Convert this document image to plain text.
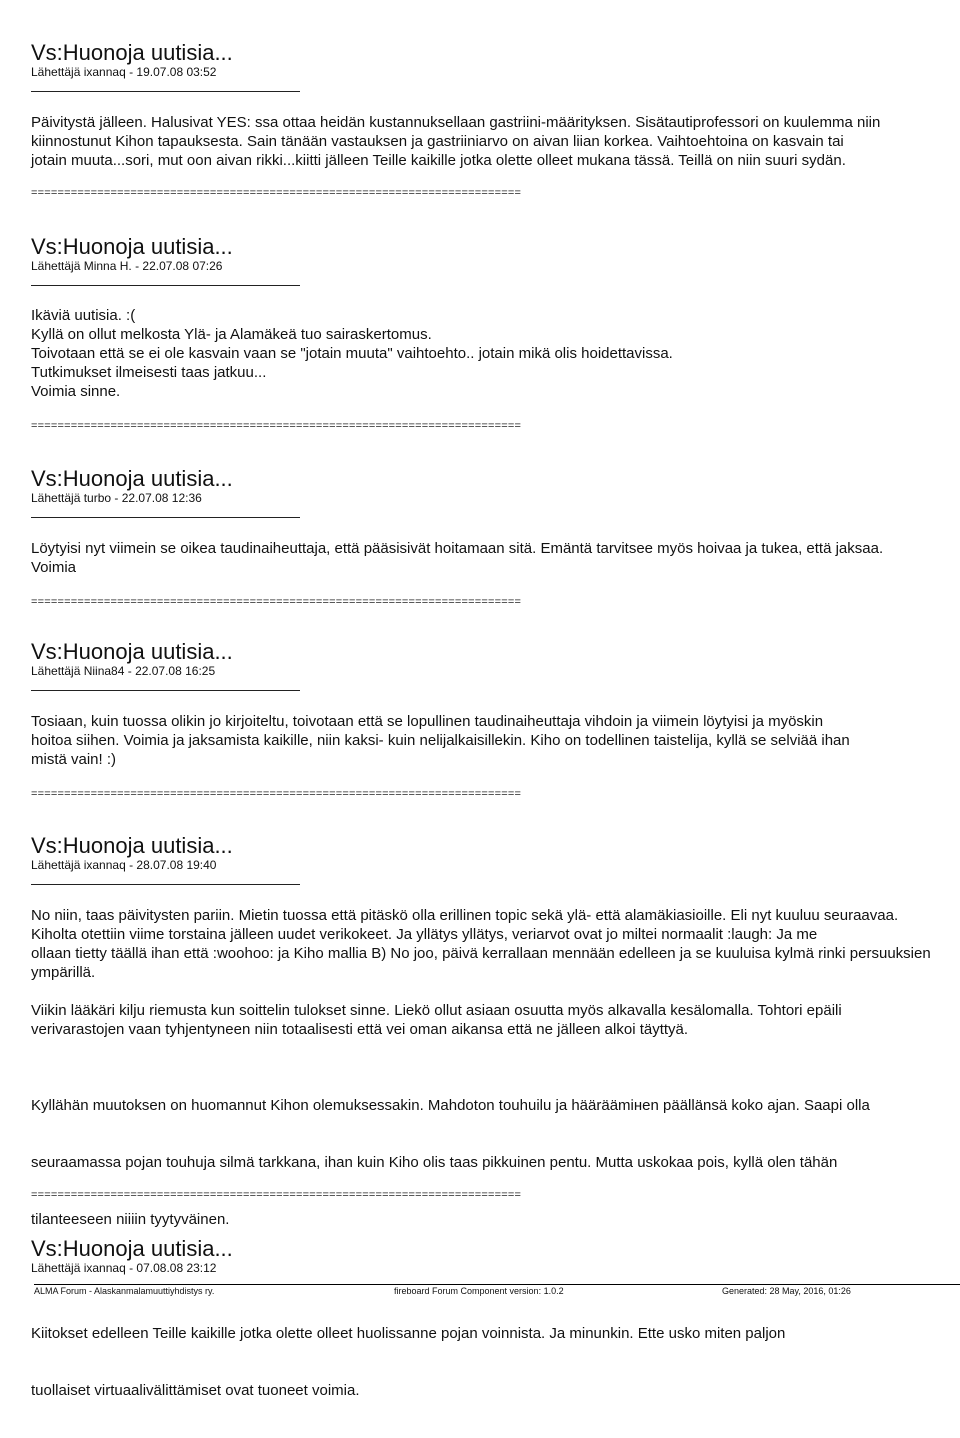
Vs:Huonoja uutisia...
Lähettäjä ixannaq - 19.07.08 03:52
Päivitystä jälleen. Halusivat YES: ssa ottaa heidän kustannuksellaan gastriini-määrityksen. Sisätautiprofessori on kuulemma niin
kiinnostunut Kihon tapauksesta. Sain tänään vastauksen ja gastriiniarvo on aivan liian korkea. Vaihtoehtoina on kasvain tai
jotain muuta...sori, mut oon aivan rikki...kiitti jälleen Teille kaikille jotka olette olleet mukana tässä. Teillä on niin suuri sydän.
==========================================================================
Vs:Huonoja uutisia...
Lähettäjä Minna H. - 22.07.08 07:26
Ikäviä uutisia. :(
Kyllä on ollut melkosta Ylä- ja Alamäkeä tuo sairaskertomus.
Toivotaan että se ei ole kasvain vaan se "jotain muuta" vaihtoehto.. jotain mikä olis hoidettavissa.
Tutkimukset ilmeisesti taas jatkuu...
Voimia sinne.
==========================================================================
Vs:Huonoja uutisia...
Lähettäjä turbo - 22.07.08 12:36
Löytyisi nyt viimein se oikea taudinaiheuttaja, että pääsisivät hoitamaan sitä. Emäntä tarvitsee myös hoivaa ja tukea, että jaksaa.
Voimia
==========================================================================
Vs:Huonoja uutisia...
Lähettäjä Niina84 - 22.07.08 16:25
Tosiaan, kuin tuossa olikin jo kirjoiteltu, toivotaan että se lopullinen taudinaiheuttaja vihdoin ja viimein löytyisi ja myöskin
hoitoa siihen. Voimia ja jaksamista kaikille, niin kaksi- kuin nelijalkaisillekin. Kiho on todellinen taistelija, kyllä se selviää ihan
mistä vain! :)
==========================================================================
Vs:Huonoja uutisia...
Lähettäjä ixannaq - 28.07.08 19:40
No niin, taas päivitysten pariin. Mietin tuossa että pitäskö olla erillinen topic sekä ylä- että alamäkiasioille. Eli nyt kuuluu seuraavaa.
Kiholta otettiin viime torstaina jälleen uudet verikokeet. Ja yllätys yllätys, veriarvot ovat jo miltei normaalit :laugh: Ja me
ollaan tietty täällä ihan että :woohoo: ja Kiho mallia B) No joo, päivä kerrallaan mennään edelleen ja se kuuluisa kylmä rinki persuuksien
ympärillä.
Viikin lääkäri kilju riemusta kun soittelin tulokset sinne. Liekö ollut asiaan osuutta myös alkavalla kesälomalla. Tohtori epäili
verivarastojen vaan tyhjentyneen niin totaalisesti että vei oman aikansa että ne jälleen alkoi täyttyä.

Kyllähän muutoksen on huomannut Kihon olemuksessakin. Mahdoton touhuilu ja hääräämінen päällänsä koko ajan. Saapi olla

seuraamassa pojan touhuja silmä tarkkana, ihan kuin Kiho olis taas pikkuinen pentu. Mutta uskokaa pois, kyllä olen tähän

tilanteeseen niiiin tyytyväinen.

Kiitokset edelleen Teille kaikille jotka olette olleet huolissanne pojan voinnista. Ja minunkin. Ette usko miten paljon

tuollaiset virtuaalivälittämiset ovat tuoneet voimia.

==========================================================================
Vs:Huonoja uutisia...
Lähettäjä ixannaq - 07.08.08 23:12
ALMA Forum - Alaskanmalamuuttiyhdistys ry.	fireboard Forum Component version: 1.0.2	Generated: 28 May, 2016, 01:26
